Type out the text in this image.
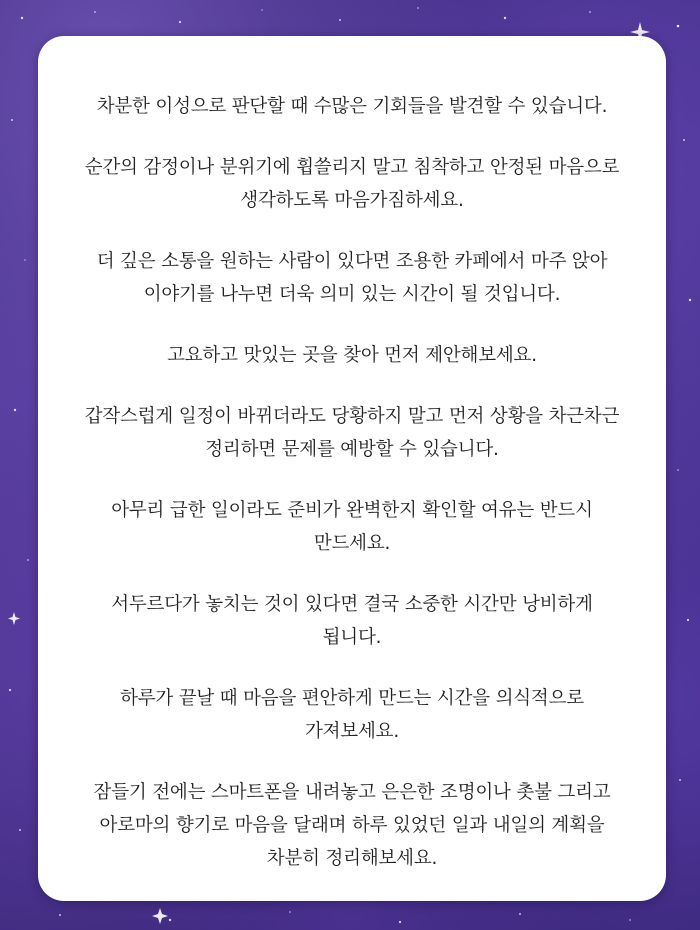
차분한 이성으로 판단할 때 수많은 기회들을 발견할 수 있습니다.

순간의 감정이나 분위기에 휩쓸리지 말고 침착하고 안정된 마음으로
생각하도록 마음가짐하세요.

더 깊은 소통을 원하는 사람이 있다면 조용한 카페에서 마주 앉아
이야기를 나누면 더욱 의미 있는 시간이 될 것입니다.

고요하고 맛있는 곳을 찾아 먼저 제안해보세요.

갑작스럽게 일정이 바뀌더라도 당황하지 말고 먼저 상황을 차근차근
정리하면 문제를 예방할 수 있습니다.

아무리 급한 일이라도 준비가 완벽한지 확인할 여유는 반드시
만드세요.

서두르다가 놓치는 것이 있다면 결국 소중한 시간만 낭비하게
됩니다.

하루가 끝날 때 마음을 편안하게 만드는 시간을 의식적으로
가져보세요.

잠들기 전에는 스마트폰을 내려놓고 은은한 조명이나 촛불 그리고
아로마의 향기로 마음을 달래며 하루 있었던 일과 내일의 계획을
차분히 정리해보세요.
